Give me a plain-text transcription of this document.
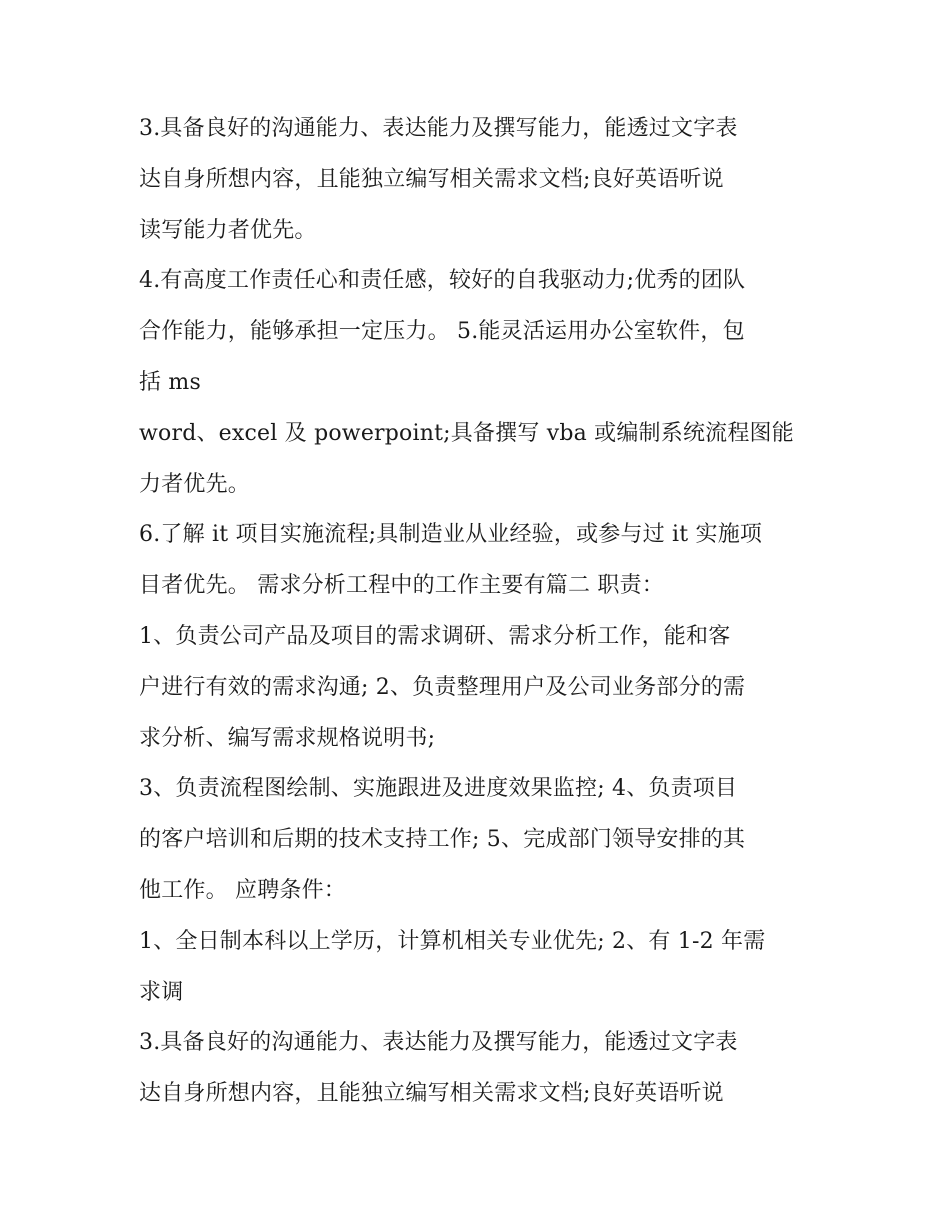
3.具备良好的沟通能力、表达能力及撰写能力，能透过文字表
达自身所想内容，且能独立编写相关需求文档;良好英语听说
读写能力者优先。
4.有高度工作责任心和责任感，较好的自我驱动力;优秀的团队
合作能力，能够承担一定压力。 5.能灵活运用办公室软件，包
括 ms
word、excel 及 powerpoint;具备撰写 vba 或编制系统流程图能
力者优先。
6.了解 it 项目实施流程;具制造业从业经验，或参与过 it 实施项
目者优先。 需求分析工程中的工作主要有篇二 职责：
1、负责公司产品及项目的需求调研、需求分析工作，能和客
户进行有效的需求沟通; 2、负责整理用户及公司业务部分的需
求分析、编写需求规格说明书;
3、负责流程图绘制、实施跟进及进度效果监控; 4、负责项目
的客户培训和后期的技术支持工作; 5、完成部门领导安排的其
他工作。 应聘条件：
1、全日制本科以上学历，计算机相关专业优先; 2、有 1-2 年需
求调
3.具备良好的沟通能力、表达能力及撰写能力，能透过文字表
达自身所想内容，且能独立编写相关需求文档;良好英语听说
